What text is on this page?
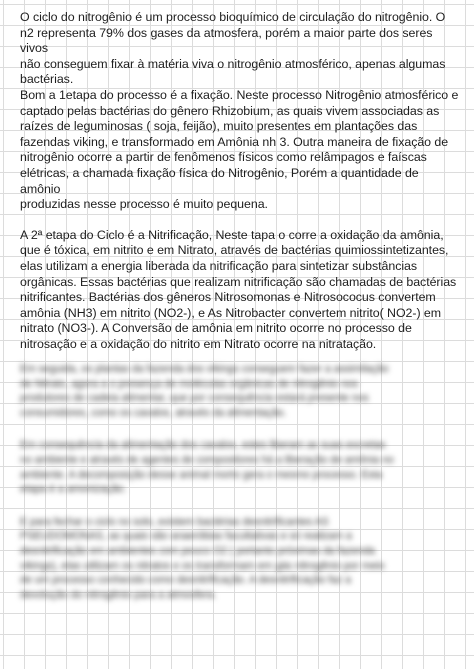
O ciclo do nitrogênio é um processo bioquímico de circulação do nitrogênio. O
n2 representa 79% dos gases da atmosfera, porém a maior parte dos seres vivos
não conseguem fixar à matéria viva o nitrogênio atmosférico, apenas algumas
bactérias.
Bom a 1etapa do processo é a fixação. Neste processo Nitrogênio atmosférico e
captado pelas bactérias do gênero Rhizobium, as quais vivem associadas as
raízes de leguminosas ( soja, feijão), muito presentes em plantações das
fazendas viking, e transformado em Amônia nh 3. Outra maneira de fixação de
nitrogênio ocorre a partir de fenômenos físicos como relâmpagos e faíscas
elétricas, a chamada fixação física do Nitrogênio, Porém a quantidade de amônio
produzidas nesse processo é muito pequena.

A 2ª etapa do Ciclo é a Nitrificação, Neste tapa o corre a oxidação da amônia,
que é tóxica, em nitrito e em Nitrato, através de bactérias quimiossintetizantes,
elas utilizam a energia liberada da nitrificação para sintetizar substâncias
orgânicas. Essas bactérias que realizam nitrificação são chamadas de bactérias
nitrificantes. Bactérias dos gêneros Nitrosomonas e Nitrosococus convertem
amônia (NH3) em nitrito (NO2-), e As Nitrobacter convertem nitrito( NO2-) em
nitrato (NO3-). A Conversão de amônia em nitrito ocorre no processo de
nitrosação e a oxidação do nitrito em Nitrato ocorre na nitratação.

Em seguida, os plantas da fazenda dos vikings conseguem fazer a assimilação
de Nitrato, agora a o presença de moléculas orgânicas de nitrogênio nos
produtores de cadeia alimentar, que por consequência estará presente nos
consumidores, como os cavalos, através da alimentação.

Em consequência da alimentação dos cavalos, estes liberam as suas excretas
no ambiente e através de agentes de compositores há a liberação de amônia no
ambiente. A decomposição desse animal morto gera o mesmo processo. Esta
etapa é a amonização.

E para fechar o ciclo no solo, existem bactérias desnitrificantes AS
PSEUDOMONAS, as quais são anaeróbias facultativas e só realizam a
desnitrificação em ambientes com pouco O2 ( portanto próximas da fazenda
vikings), elas utilizam os nitratos e os transformam em gás nitrogênio por meio
de um processo conhecido como desnitrificação. A desnitrificação faz a
devolução do nitrogênio para a atmosfera.
